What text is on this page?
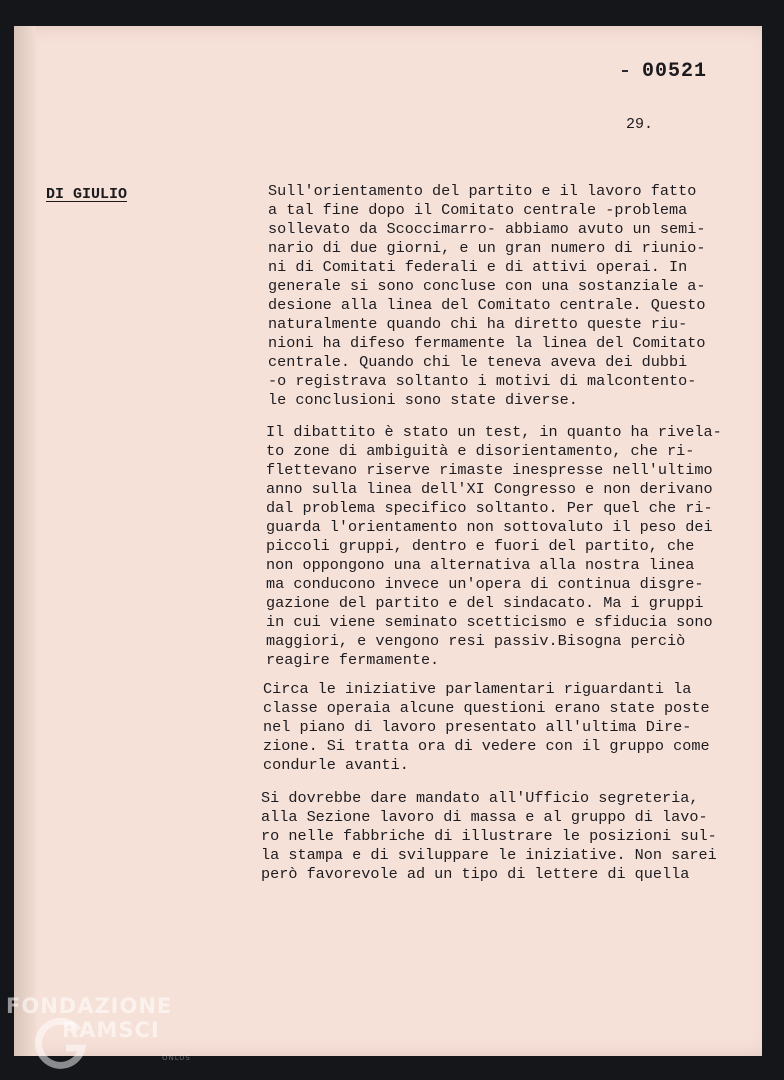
00521
29.
DI GIULIO	Sull'orientamento del partito e il lavoro fatto
a tal fine dopo il Comitato centrale -problema
sollevato da Scoccimarro- abbiamo avuto un semi-
nario di due giorni, e un gran numero di riunio-
ni di Comitati federali e di attivi operai. In
generale si sono concluse con una sostanziale a-
desione alla linea del Comitato centrale. Questo
naturalmente quando chi ha diretto queste riu-
nioni ha difeso fermamente la linea del Comitato
centrale. Quando chi le teneva aveva dei dubbi
-o registrava soltanto i motivi di malcontento-
le conclusioni sono state diverse.
Il dibattito è stato un test, in quanto ha rivela-
to zone di ambiguità e disorientamento, che ri-
flettevano riserve rimaste inespresse nell'ultimo
anno sulla linea dell'XI Congresso e non derivano
dal problema specifico soltanto. Per quel che ri-
guarda l'orientamento non sottovaluto il peso dei
piccoli gruppi, dentro e fuori del partito, che
non oppongono una alternativa alla nostra linea
ma conducono invece un'opera di continua disgre-
gazione del partito e del sindacato. Ma i gruppi
in cui viene seminato scetticismo e sfiducia sono
maggiori, e vengono resi passiv.Bisogna perciò
reagire fermamente.
Circa le iniziative parlamentari riguardanti la
classe operaia alcune questioni erano state poste
nel piano di lavoro presentato all'ultima Dire-
zione. Si tratta ora di vedere con il gruppo come
condurle avanti.
Si dovrebbe dare mandato all'Ufficio segreteria,
alla Sezione lavoro di massa e al gruppo di lavo-
ro nelle fabbriche di illustrare le posizioni sul-
la stampa e di sviluppare le iniziative. Non sarei
però favorevole ad un tipo di lettere di quella
FONDAZIONE
RAMSCI
ONLUS
